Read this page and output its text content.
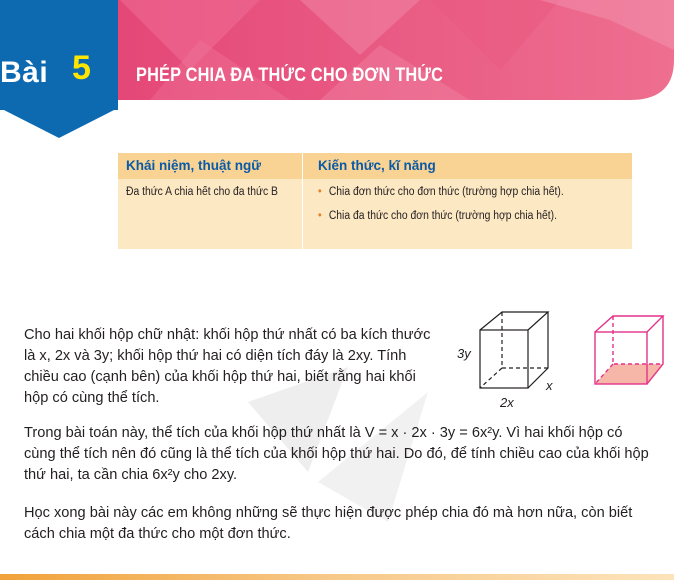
Bài 5 PHÉP CHIA ĐA THỨC CHO ĐƠN THỨC
Khái niệm, thuật ngữ	Kiến thức, kĩ năng
Đa thức A chia hết cho đa thức B	• Chia đơn thức cho đơn thức (trường hợp chia hết).
• Chia đa thức cho đơn thức (trường hợp chia hết).

Cho hai khối hộp chữ nhật: khối hộp thứ nhất có ba kích thước là x, 2x và 3y; khối hộp thứ hai có diện tích đáy là 2xy. Tính chiều cao (cạnh bên) của khối hộp thứ hai, biết rằng hai khối hộp có cùng thể tích.

3y
x
2x

Trong bài toán này, thể tích của khối hộp thứ nhất là V = x · 2x · 3y = 6x²y. Vì hai khối hộp có cùng thể tích nên đó cũng là thể tích của khối hộp thứ hai. Do đó, để tính chiều cao của khối hộp thứ hai, ta cần chia 6x²y cho 2xy.

Học xong bài này các em không những sẽ thực hiện được phép chia đó mà hơn nữa, còn biết cách chia một đa thức cho một đơn thức.
